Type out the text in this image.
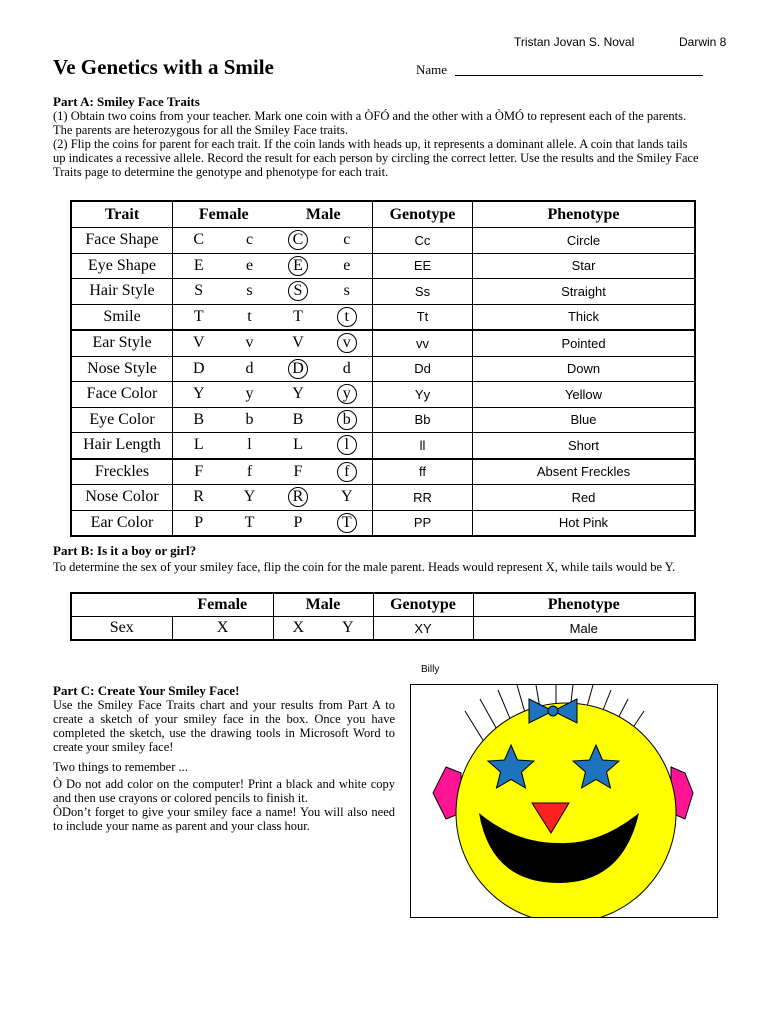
Tristan Jovan S. Noval	Darwin 8
Ve Genetics with a Smile	Name
Part A: Smiley Face Traits
(1) Obtain two coins from your teacher. Mark one coin with a ÒFÓ and the other with a ÒMÓ to represent each of the parents. The parents are heterozygous for all the Smiley Face traits.
(2) Flip the coins for parent for each trait. If the coin lands with heads up, it represents a dominant allele. A coin that lands tails up indicates a recessive allele. Record the result for each person by circling the correct letter. Use the results and the Smiley Face Traits page to determine the genotype and phenotype for each trait.
Trait	Female		Male		Genotype	Phenotype
Face Shape	C	c	C	c	Cc	Circle
Eye Shape	E	e	E	e	EE	Star
Hair Style	S	s	S	s	Ss	Straight
Smile	T	t	T	t	Tt	Thick
Ear Style	V	v	V	v	vv	Pointed
Nose Style	D	d	D	d	Dd	Down
Face Color	Y	y	Y	y	Yy	Yellow
Eye Color	B	b	B	b	Bb	Blue
Hair Length	L	l	L	l	ll	Short
Freckles	F	f	F	f	ff	Absent Freckles
Nose Color	R	Y	R	Y	RR	Red
Ear Color	P	T	P	T	PP	Hot Pink
Part B: Is it a boy or girl?
To determine the sex of your smiley face, flip the coin for the male parent. Heads would represent X, while tails would be Y.
	Female	Male		Genotype	Phenotype
Sex	X	X	Y	XY	Male
Part C: Create Your Smiley Face!
Use the Smiley Face Traits chart and your results from Part A to create a sketch of your smiley face in the box. Once you have completed the sketch, use the drawing tools in Microsoft Word to create your smiley face!
Two things to remember ...
Ò Do not add color on the computer! Print a black and white copy and then use crayons or colored pencils to finish it.
ÒDon’t forget to give your smiley face a name! You will also need to include your name as parent and your class hour.
Billy
